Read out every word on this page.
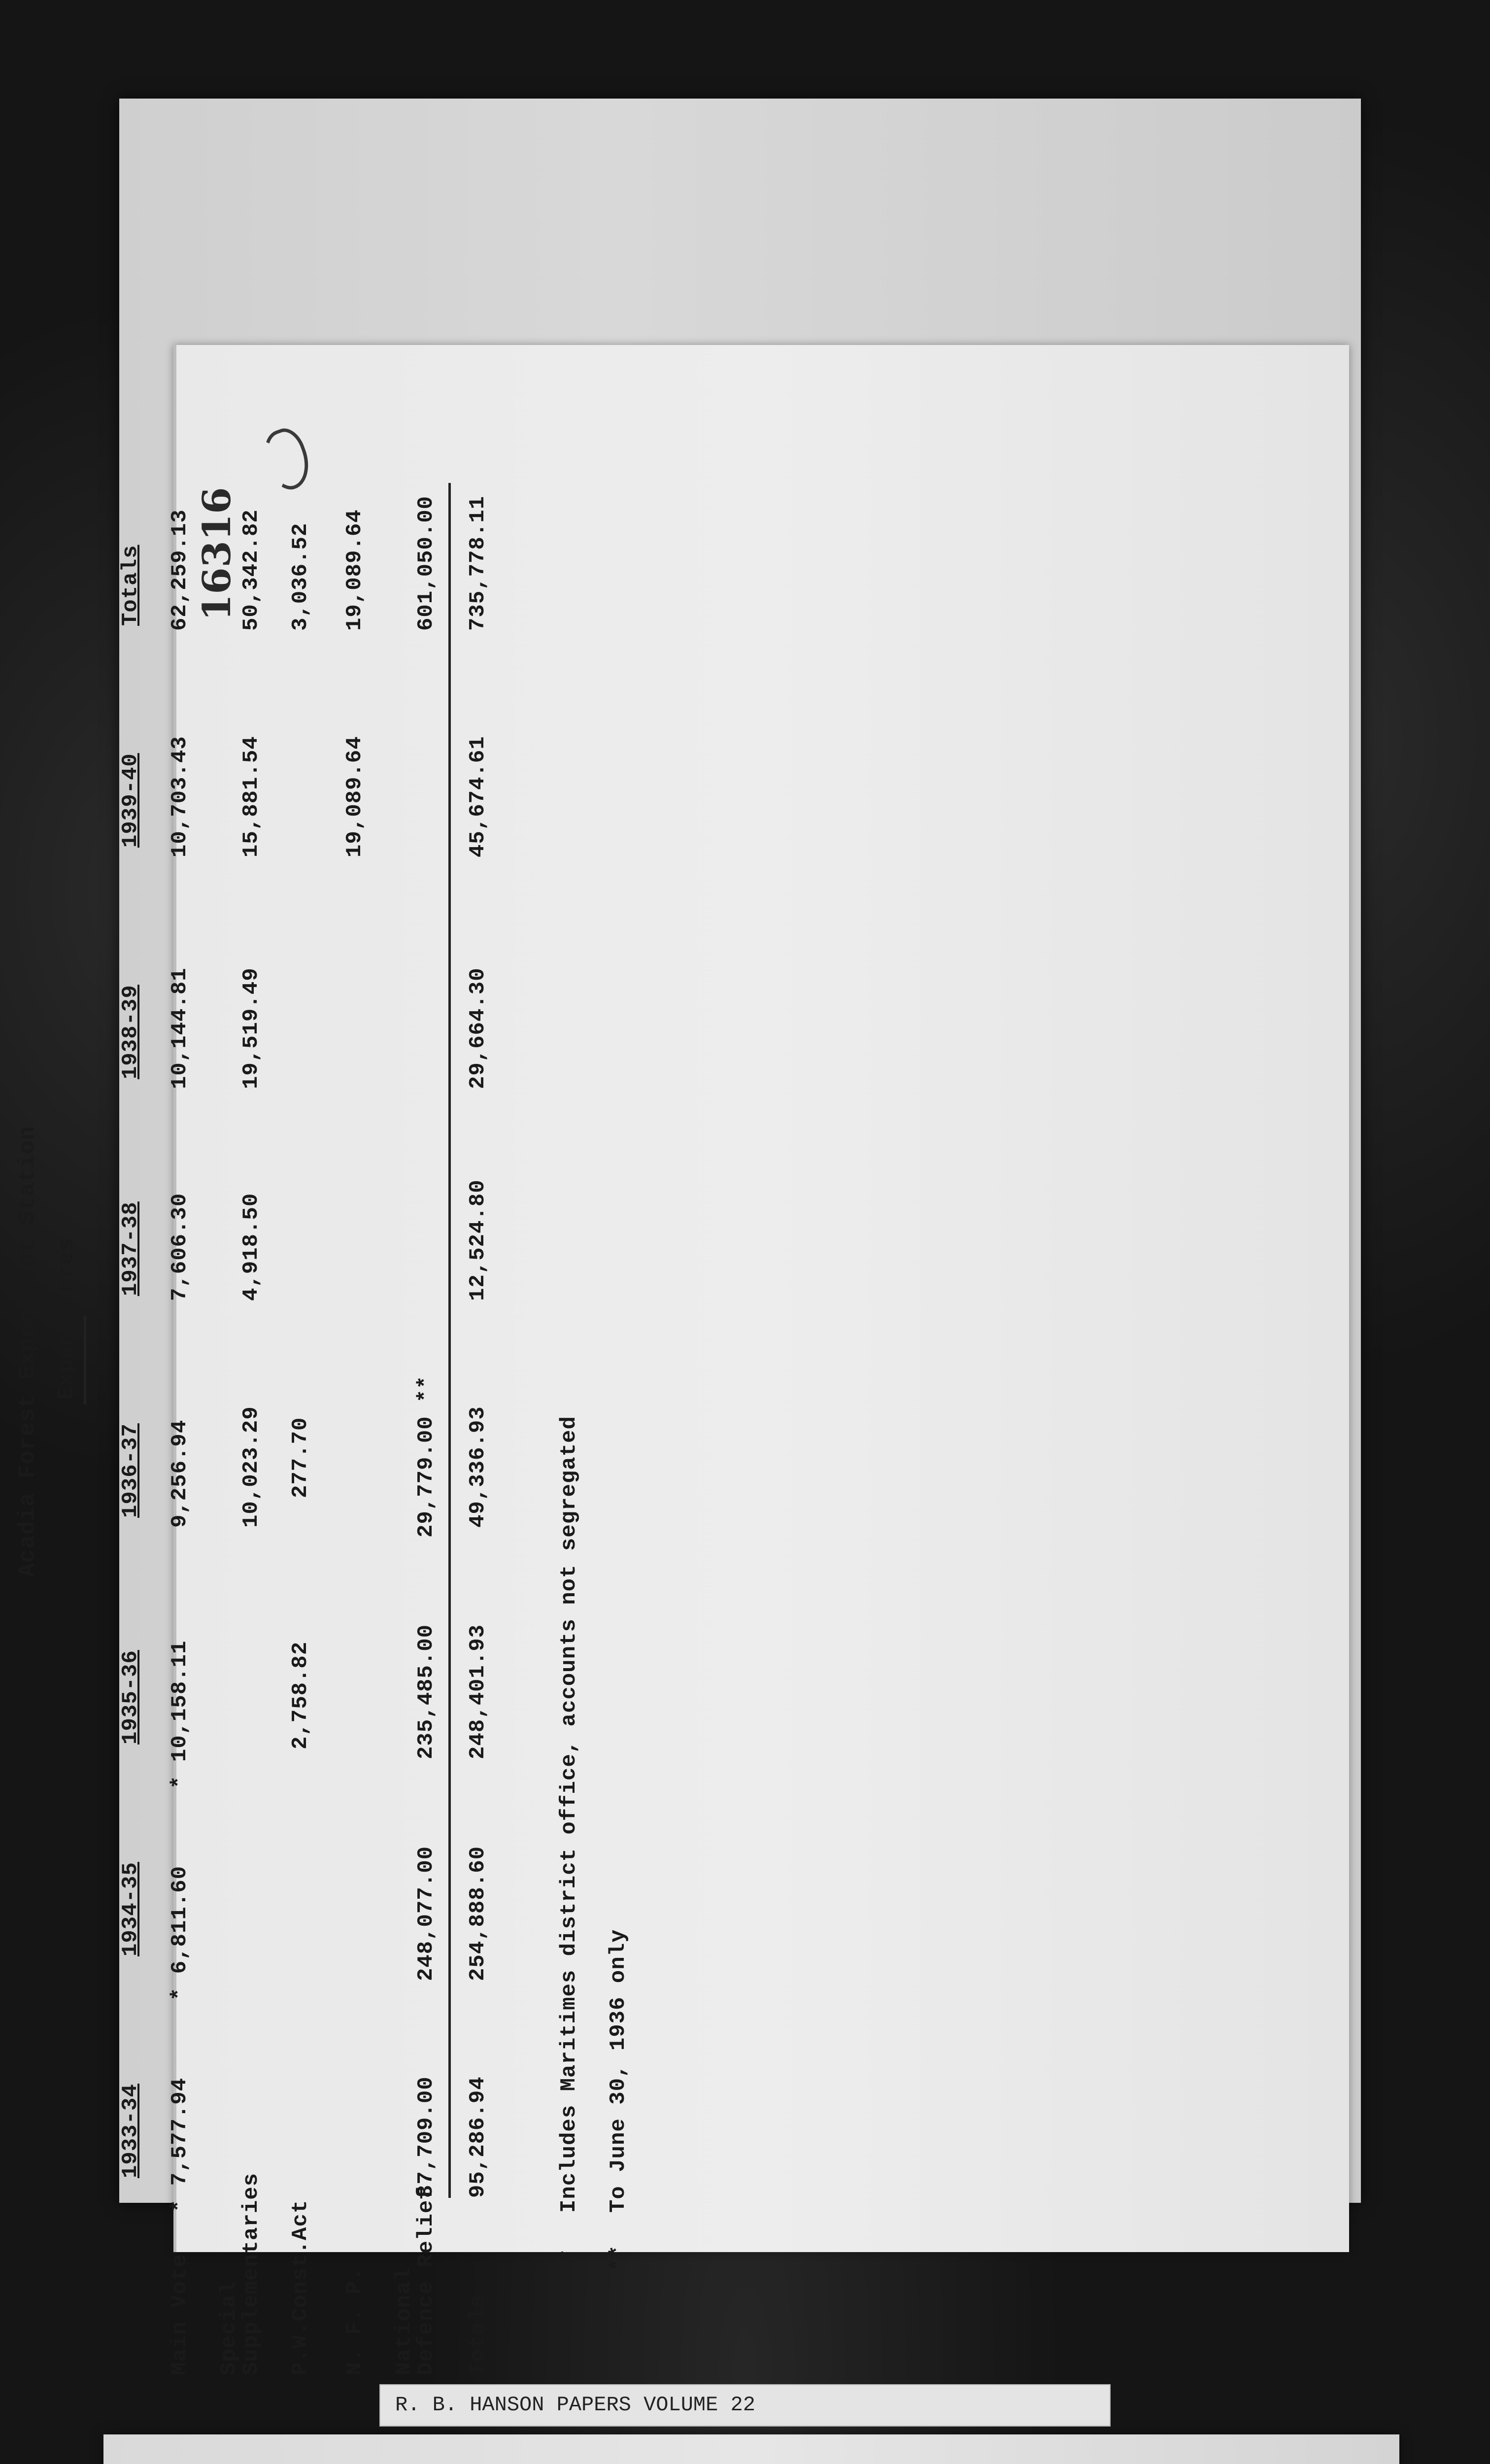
16316
Acadia Forest Experiment Station Expenditures
1933-34
1934-35
1935-36
1936-37
1937-38
1938-39
1939-40
Totals
Main Vote
* 7,577.94
* 6,811.60
* 10,158.11
9,256.94
7,606.30
10,144.81
10,703.43
62,259.13
Special
Supplementaries
10,023.29
4,918.50
19,519.49
15,881.54
50,342.82
P.W.Const.Act
2,758.82
277.70
3,036.52
N. F. P.
19,089.64
19,089.64
National
Defence Relief
87,709.00
248,077.00
235,485.00
29,779.00 **
601,050.00
Totals
95,286.94
254,888.60
248,401.93
49,336.93
12,524.80
29,664.30
45,674.61
735,778.11
*
Includes Maritimes district office, accounts not segregated
**
To June 30, 1936 only
R. B. HANSON PAPERS VOLUME 22
